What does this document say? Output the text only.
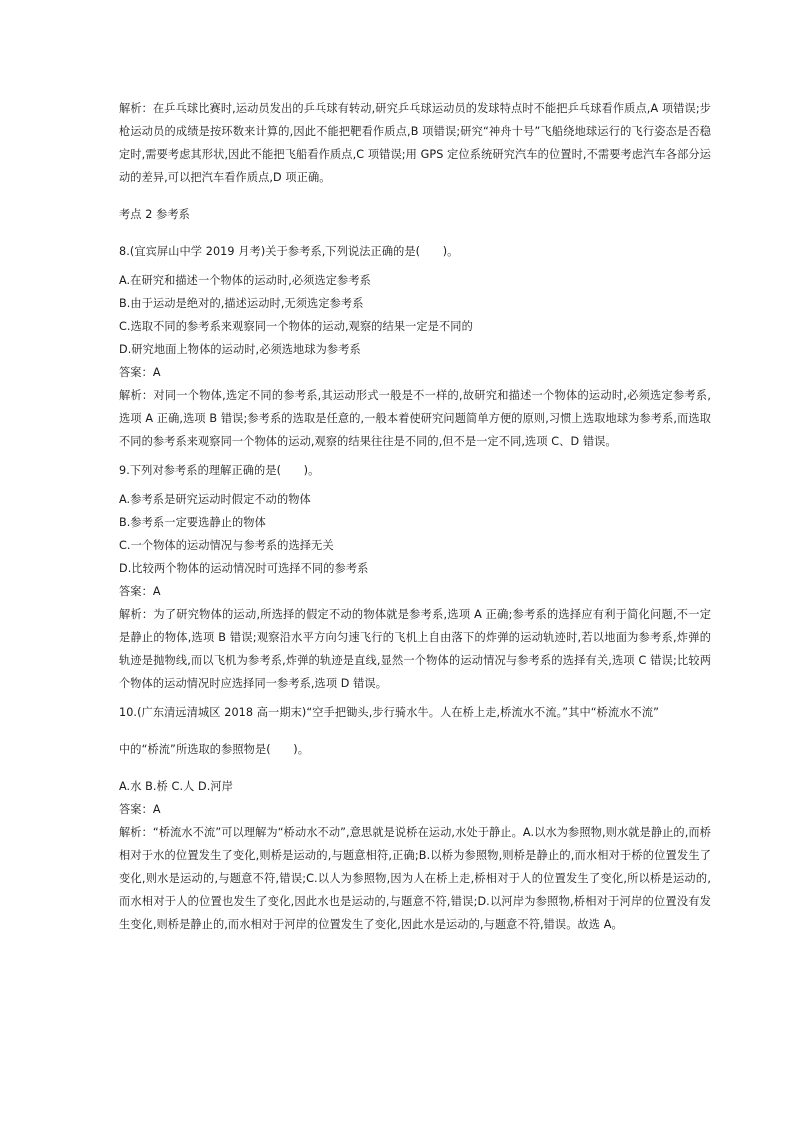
解析：在乒乓球比赛时,运动员发出的乒乓球有转动,研究乒乓球运动员的发球特点时不能把乒乓球看作质点,A 项错误;步枪运动员的成绩是按环数来计算的,因此不能把靶看作质点,B 项错误;研究“神舟十号”飞船绕地球运行的飞行姿态是否稳定时,需要考虑其形状,因此不能把飞船看作质点,C 项错误;用 GPS 定位系统研究汽车的位置时,不需要考虑汽车各部分运动的差异,可以把汽车看作质点,D 项正确。

考点 2 参考系

8.(宜宾屏山中学 2019 月考)关于参考系,下列说法正确的是(　　)。

A.在研究和描述一个物体的运动时,必须选定参考系

B.由于运动是绝对的,描述运动时,无须选定参考系

C.选取不同的参考系来观察同一个物体的运动,观察的结果一定是不同的

D.研究地面上物体的运动时,必须选地球为参考系

答案：A

解析：对同一个物体,选定不同的参考系,其运动形式一般是不一样的,故研究和描述一个物体的运动时,必须选定参考系,选项 A 正确,选项 B 错误;参考系的选取是任意的,一般本着使研究问题简单方便的原则,习惯上选取地球为参考系,而选取不同的参考系来观察同一个物体的运动,观察的结果往往是不同的,但不是一定不同,选项 C、D 错误。

9.下列对参考系的理解正确的是(　　)。

A.参考系是研究运动时假定不动的物体

B.参考系一定要选静止的物体

C.一个物体的运动情况与参考系的选择无关

D.比较两个物体的运动情况时可选择不同的参考系

答案：A

解析：为了研究物体的运动,所选择的假定不动的物体就是参考系,选项 A 正确;参考系的选择应有利于简化问题,不一定是静止的物体,选项 B 错误;观察沿水平方向匀速飞行的飞机上自由落下的炸弹的运动轨迹时,若以地面为参考系,炸弹的轨迹是抛物线,而以飞机为参考系,炸弹的轨迹是直线,显然一个物体的运动情况与参考系的选择有关,选项 C 错误;比较两个物体的运动情况时应选择同一参考系,选项 D 错误。

10.(广东清远清城区 2018 高一期末)“空手把锄头,步行骑水牛。人在桥上走,桥流水不流。”其中“桥流水不流”

中的“桥流”所选取的参照物是(　　)。

A.水 B.桥 C.人 D.河岸

答案：A

解析：“桥流水不流”可以理解为“桥动水不动”,意思就是说桥在运动,水处于静止。A.以水为参照物,则水就是静止的,而桥相对于水的位置发生了变化,则桥是运动的,与题意相符,正确;B.以桥为参照物,则桥是静止的,而水相对于桥的位置发生了变化,则水是运动的,与题意不符,错误;C.以人为参照物,因为人在桥上走,桥相对于人的位置发生了变化,所以桥是运动的,而水相对于人的位置也发生了变化,因此水也是运动的,与题意不符,错误;D.以河岸为参照物,桥相对于河岸的位置没有发生变化,则桥是静止的,而水相对于河岸的位置发生了变化,因此水是运动的,与题意不符,错误。故选 A。
